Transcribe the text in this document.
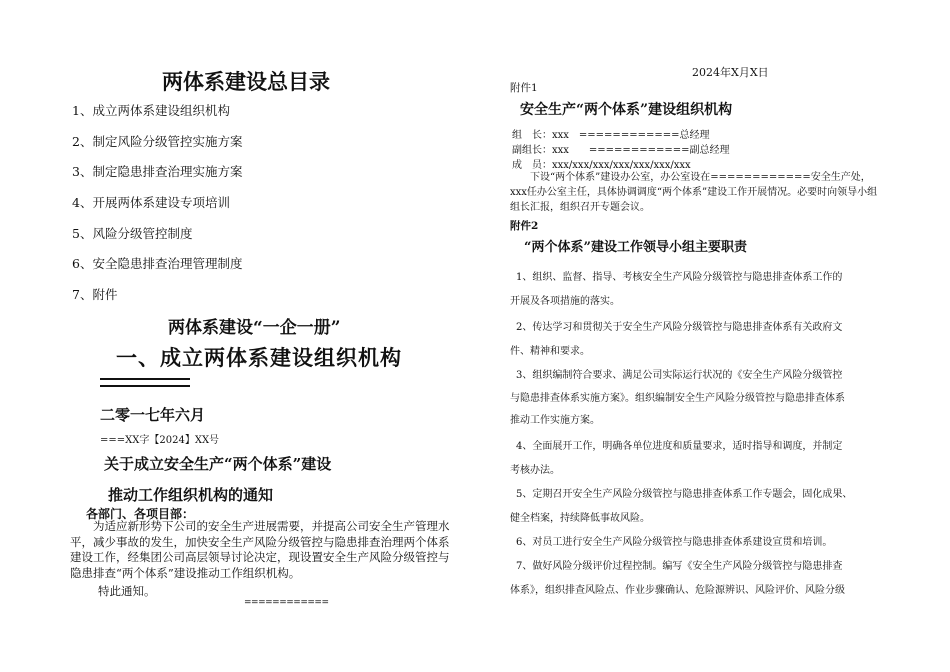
两体系建设总目录
1、成立两体系建设组织机构
2、制定风险分级管控实施方案
3、制定隐患排查治理实施方案
4、开展两体系建设专项培训
5、风险分级管控制度
6、安全隐患排查治理管理制度
7、附件
两体系建设“一企一册”
一、成立两体系建设组织机构
二零一七年六月
===XX字【2024】XX号
关于成立安全生产“两个体系”建设
推动工作组织机构的通知
各部门、各项目部：
为适应新形势下公司的安全生产进展需要，并提高公司安全生产管理水平，减少事故的发生，加快安全生产风险分级管控与隐患排查治理两个体系建设工作，经集团公司高层领导讨论决定，现设置安全生产风险分级管控与隐患排查“两个体系”建设推动工作组织机构。
特此通知。
============
2024年X月X日
附件1
安全生产“两个体系”建设组织机构
组　长：xxx　============总经理
副组长：xxx　　============副总经理
成　员：xxx/xxx/xxx/xxx/xxx/xxx/xxx
下设“两个体系”建设办公室，办公室设在============安全生产处，xxx任办公室主任，具体协调调度“两个体系”建设工作开展情况。必要时向领导小组组长汇报，组织召开专题会议。
附件2
“两个体系”建设工作领导小组主要职责
1、组织、监督、指导、考核安全生产风险分级管控与隐患排查体系工作的
开展及各项措施的落实。
2、传达学习和贯彻关于安全生产风险分级管控与隐患排查体系有关政府文
件、精神和要求。
3、组织编制符合要求、满足公司实际运行状况的《安全生产风险分级管控
与隐患排查体系实施方案》。组织编制安全生产风险分级管控与隐患排查体系
推动工作实施方案。
4、全面展开工作，明确各单位进度和质量要求，适时指导和调度，并制定
考核办法。
5、定期召开安全生产风险分级管控与隐患排查体系工作专题会，固化成果、
健全档案，持续降低事故风险。
6、对员工进行安全生产风险分级管控与隐患排查体系建设宣贯和培训。
7、做好风险分级评价过程控制。编写《安全生产风险分级管控与隐患排查
体系》，组织排查风险点、作业步骤确认、危险源辨识、风险评价、风险分级
